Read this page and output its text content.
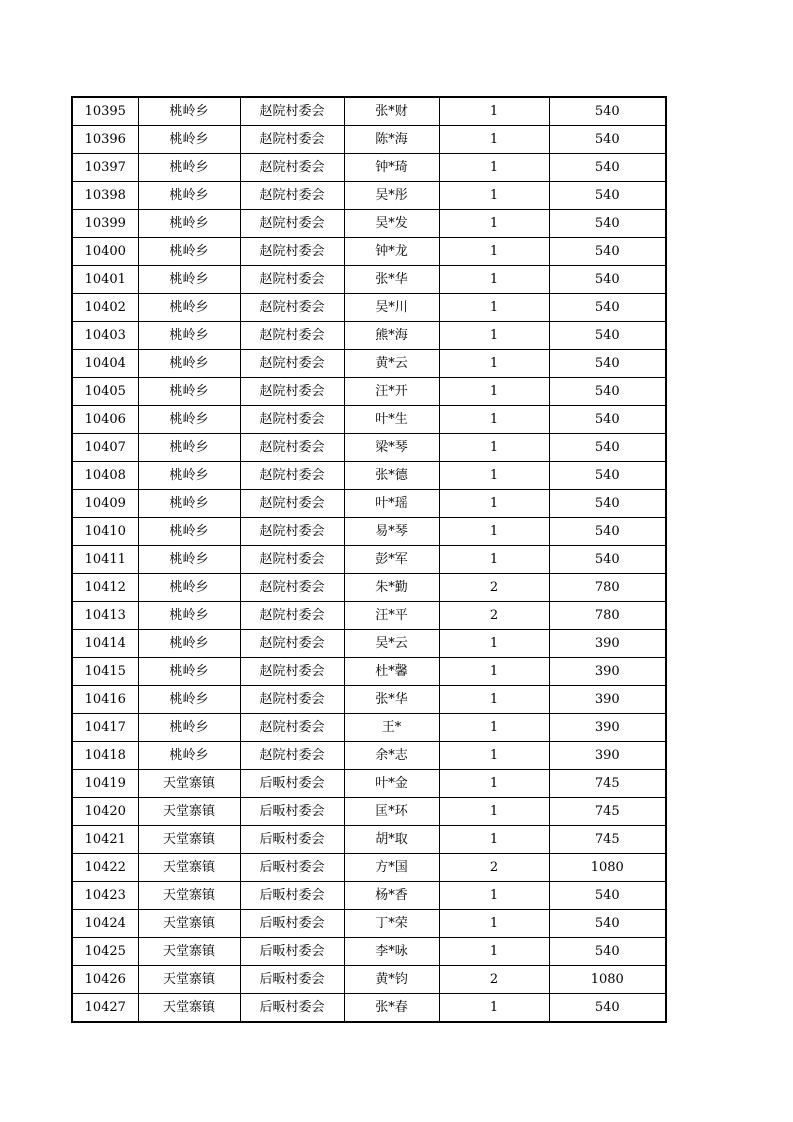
10395	桃岭乡	赵院村委会	张*财	1	540
10396	桃岭乡	赵院村委会	陈*海	1	540
10397	桃岭乡	赵院村委会	钟*琦	1	540
10398	桃岭乡	赵院村委会	吴*彤	1	540
10399	桃岭乡	赵院村委会	吴*发	1	540
10400	桃岭乡	赵院村委会	钟*龙	1	540
10401	桃岭乡	赵院村委会	张*华	1	540
10402	桃岭乡	赵院村委会	吴*川	1	540
10403	桃岭乡	赵院村委会	熊*海	1	540
10404	桃岭乡	赵院村委会	黄*云	1	540
10405	桃岭乡	赵院村委会	汪*开	1	540
10406	桃岭乡	赵院村委会	叶*生	1	540
10407	桃岭乡	赵院村委会	梁*琴	1	540
10408	桃岭乡	赵院村委会	张*德	1	540
10409	桃岭乡	赵院村委会	叶*瑶	1	540
10410	桃岭乡	赵院村委会	易*琴	1	540
10411	桃岭乡	赵院村委会	彭*军	1	540
10412	桃岭乡	赵院村委会	朱*勤	2	780
10413	桃岭乡	赵院村委会	汪*平	2	780
10414	桃岭乡	赵院村委会	吴*云	1	390
10415	桃岭乡	赵院村委会	杜*馨	1	390
10416	桃岭乡	赵院村委会	张*华	1	390
10417	桃岭乡	赵院村委会	王*	1	390
10418	桃岭乡	赵院村委会	余*志	1	390
10419	天堂寨镇	后畈村委会	叶*金	1	745
10420	天堂寨镇	后畈村委会	匡*环	1	745
10421	天堂寨镇	后畈村委会	胡*取	1	745
10422	天堂寨镇	后畈村委会	方*国	2	1080
10423	天堂寨镇	后畈村委会	杨*香	1	540
10424	天堂寨镇	后畈村委会	丁*荣	1	540
10425	天堂寨镇	后畈村委会	李*咏	1	540
10426	天堂寨镇	后畈村委会	黄*钧	2	1080
10427	天堂寨镇	后畈村委会	张*春	1	540
